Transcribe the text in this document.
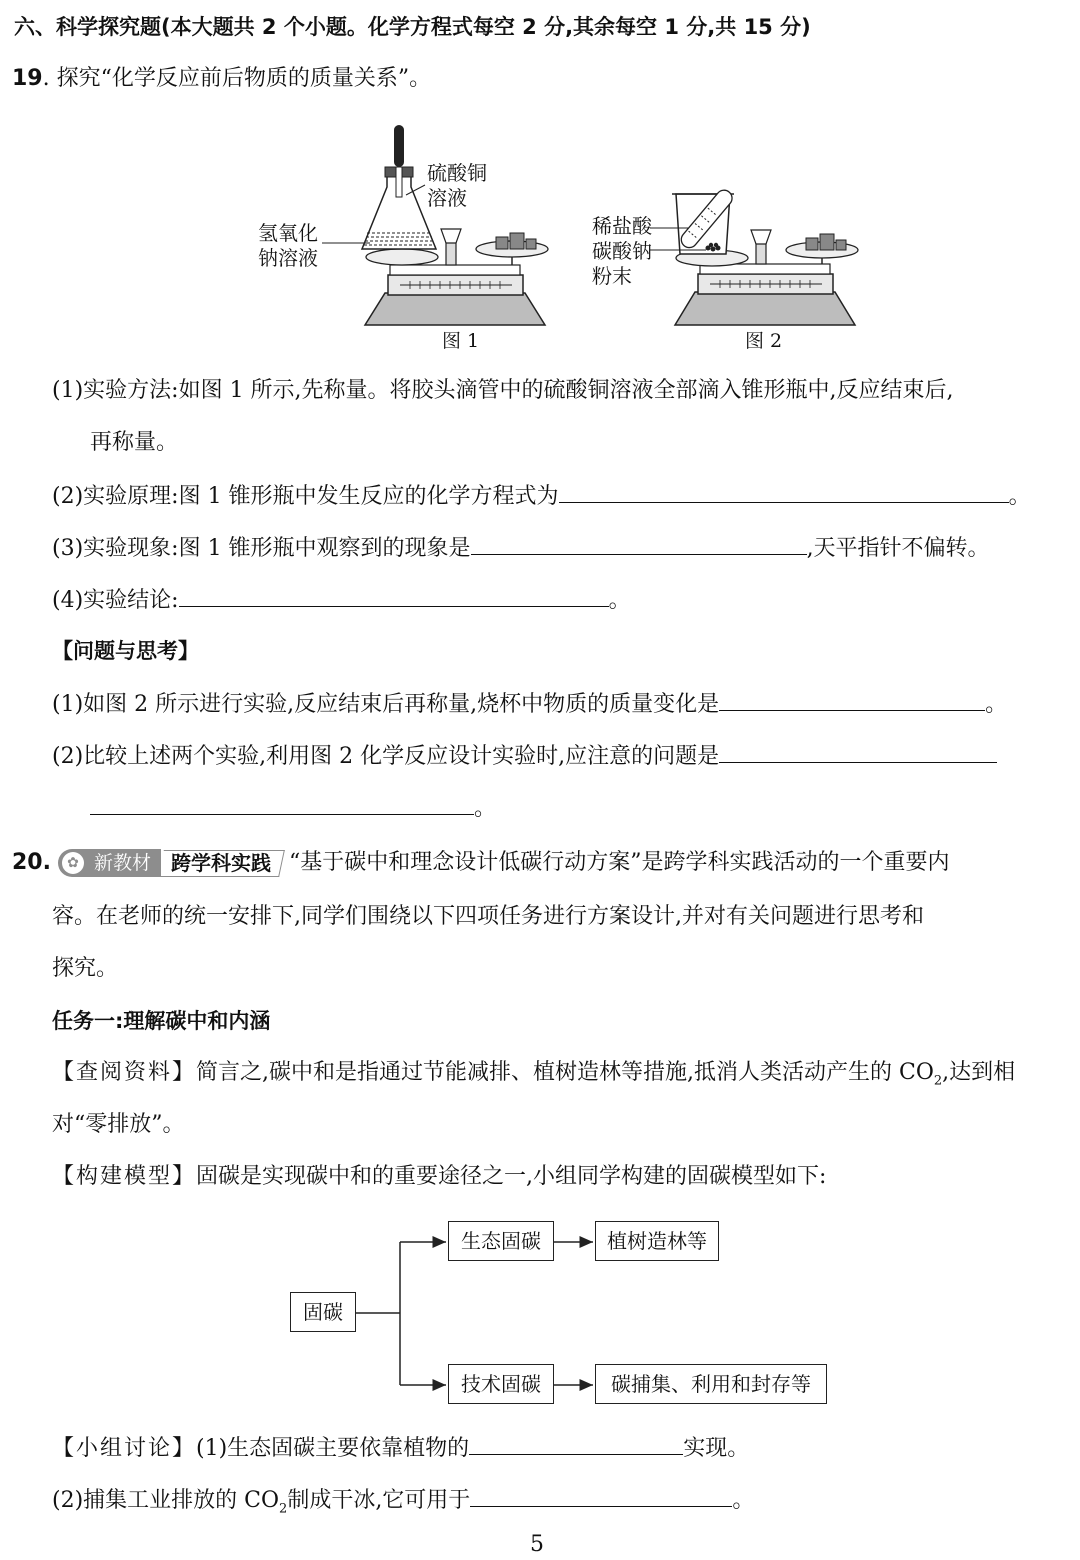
六、科学探究题(本大题共 2 个小题。化学方程式每空 2 分,其余每空 1 分,共 15 分)
19. 探究“化学反应前后物质的质量关系”。
硫酸铜
溶液
氢氧化
钠溶液
图 1
稀盐酸
碳酸钠
粉末
图 2
(1)实验方法:如图 1 所示,先称量。将胶头滴管中的硫酸铜溶液全部滴入锥形瓶中,反应结束后,
再称量。
(2)实验原理:图 1 锥形瓶中发生反应的化学方程式为	。
(3)实验现象:图 1 锥形瓶中观察到的现象是	,天平指针不偏转。
(4)实验结论:	。
【问题与思考】
(1)如图 2 所示进行实验,反应结束后再称量,烧杯中物质的质量变化是	。
(2)比较上述两个实验,利用图 2 化学反应设计实验时,应注意的问题是
。
20.	✿ 新教材 跨学科实践 “基于碳中和理念设计低碳行动方案”是跨学科实践活动的一个重要内
容。在老师的统一安排下,同学们围绕以下四项任务进行方案设计,并对有关问题进行思考和
探究。
任务一:理解碳中和内涵
【查阅资料】简言之,碳中和是指通过节能减排、植树造林等措施,抵消人类活动产生的 $CO_2$,达到相
对“零排放”。
【构建模型】固碳是实现碳中和的重要途径之一,小组同学构建的固碳模型如下:
固碳
生态固碳	植树造林等
技术固碳	碳捕集、利用和封存等
【小组讨论】(1)生态固碳主要依靠植物的	实现。
(2)捕集工业排放的 $CO_2$制成干冰,它可用于	。
5
